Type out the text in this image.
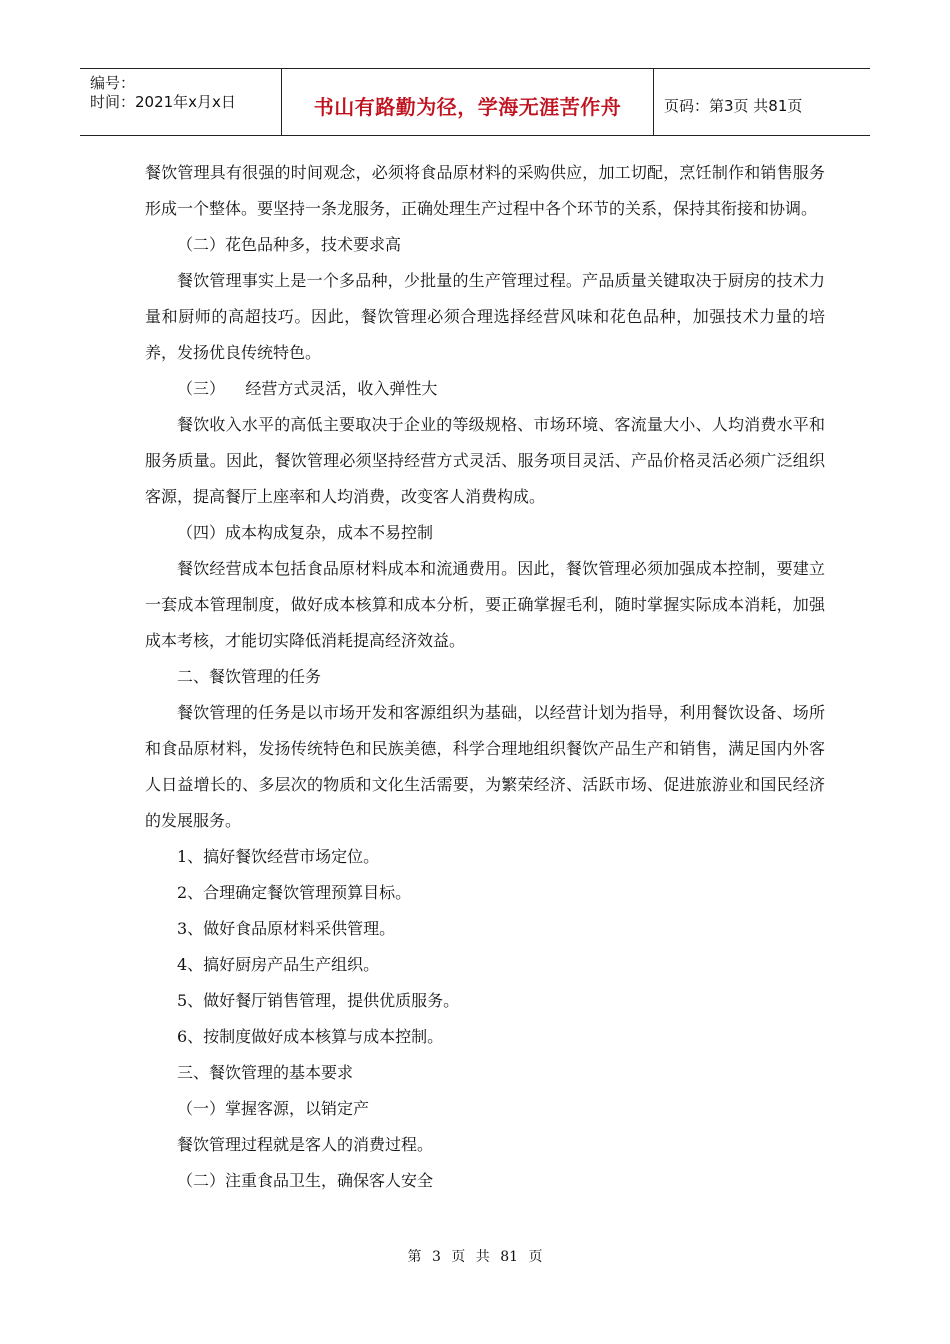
编号：
时间：2021年x月x日	书山有路勤为径，学海无涯苦作舟	页码：第3页 共81页

餐饮管理具有很强的时间观念，必须将食品原材料的采购供应，加工切配，烹饪制作和销售服务形成一个整体。要坚持一条龙服务，正确处理生产过程中各个环节的关系，保持其衔接和协调。

（二）花色品种多，技术要求高

餐饮管理事实上是一个多品种，少批量的生产管理过程。产品质量关键取决于厨房的技术力量和厨师的高超技巧。因此，餐饮管理必须合理选择经营风味和花色品种，加强技术力量的培养，发扬优良传统特色。

（三）    经营方式灵活，收入弹性大

餐饮收入水平的高低主要取决于企业的等级规格、市场环境、客流量大小、人均消费水平和服务质量。因此，餐饮管理必须坚持经营方式灵活、服务项目灵活、产品价格灵活必须广泛组织客源，提高餐厅上座率和人均消费，改变客人消费构成。

（四）成本构成复杂，成本不易控制

餐饮经营成本包括食品原材料成本和流通费用。因此，餐饮管理必须加强成本控制，要建立一套成本管理制度，做好成本核算和成本分析，要正确掌握毛利，随时掌握实际成本消耗，加强成本考核，才能切实降低消耗提高经济效益。

二、餐饮管理的任务

餐饮管理的任务是以市场开发和客源组织为基础，以经营计划为指导，利用餐饮设备、场所和食品原材料，发扬传统特色和民族美德，科学合理地组织餐饮产品生产和销售，满足国内外客人日益增长的、多层次的物质和文化生活需要，为繁荣经济、活跃市场、促进旅游业和国民经济的发展服务。

1、搞好餐饮经营市场定位。

2、合理确定餐饮管理预算目标。

3、做好食品原材料采供管理。

4、搞好厨房产品生产组织。

5、做好餐厅销售管理，提供优质服务。

6、按制度做好成本核算与成本控制。

三、餐饮管理的基本要求

（一）掌握客源，以销定产

餐饮管理过程就是客人的消费过程。

（二）注重食品卫生，确保客人安全

第 3 页 共 81 页
